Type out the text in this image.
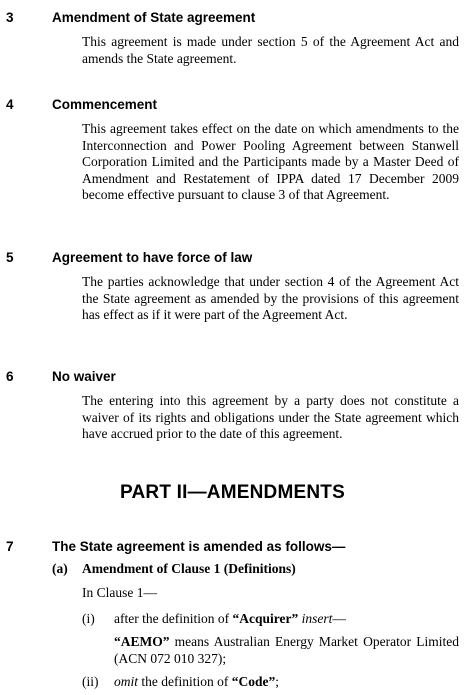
3	Amendment of State agreement
This agreement is made under section 5 of the Agreement Act and amends the State agreement.
4	Commencement
This agreement takes effect on the date on which amendments to the Interconnection and Power Pooling Agreement between Stanwell Corporation Limited and the Participants made by a Master Deed of Amendment and Restatement of IPPA dated 17 December 2009 become effective pursuant to clause 3 of that Agreement.
5	Agreement to have force of law
The parties acknowledge that under section 4 of the Agreement Act the State agreement as amended by the provisions of this agreement has effect as if it were part of the Agreement Act.
6	No waiver
The entering into this agreement by a party does not constitute a waiver of its rights and obligations under the State agreement which have accrued prior to the date of this agreement.
PART II—AMENDMENTS
7	The State agreement is amended as follows—
(a) Amendment of Clause 1 (Definitions)
In Clause 1—
(i) after the definition of “Acquirer” insert—
“AEMO” means Australian Energy Market Operator Limited (ACN 072 010 327);
(ii) omit the definition of “Code”;
